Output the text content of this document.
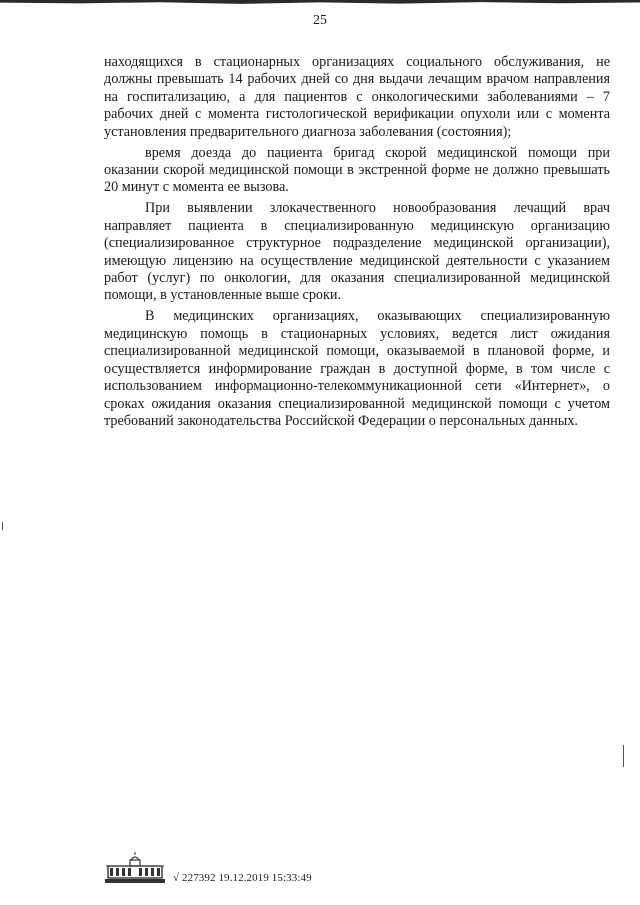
25

находящихся в стационарных организациях социального обслуживания, не должны превышать 14 рабочих дней со дня выдачи лечащим врачом направления на госпитализацию, а для пациентов с онкологическими заболеваниями – 7 рабочих дней с момента гистологической верификации опухоли или с момента установления предварительного диагноза заболевания (состояния);

время доезда до пациента бригад скорой медицинской помощи при оказании скорой медицинской помощи в экстренной форме не должно превышать 20 минут с момента ее вызова.

При выявлении злокачественного новообразования лечащий врач направляет пациента в специализированную медицинскую организацию (специализированное структурное подразделение медицинской организации), имеющую лицензию на осуществление медицинской деятельности с указанием работ (услуг) по онкологии, для оказания специализированной медицинской помощи, в установленные выше сроки.

В медицинских организациях, оказывающих специализированную медицинскую помощь в стационарных условиях, ведется лист ожидания специализированной медицинской помощи, оказываемой в плановой форме, и осуществляется информирование граждан в доступной форме, в том числе с использованием информационно-телекоммуникационной сети «Интернет», о сроках ожидания оказания специализированной медицинской помощи с учетом требований законодательства Российской Федерации о персональных данных.

√ 227392 19.12.2019 15:33:49
